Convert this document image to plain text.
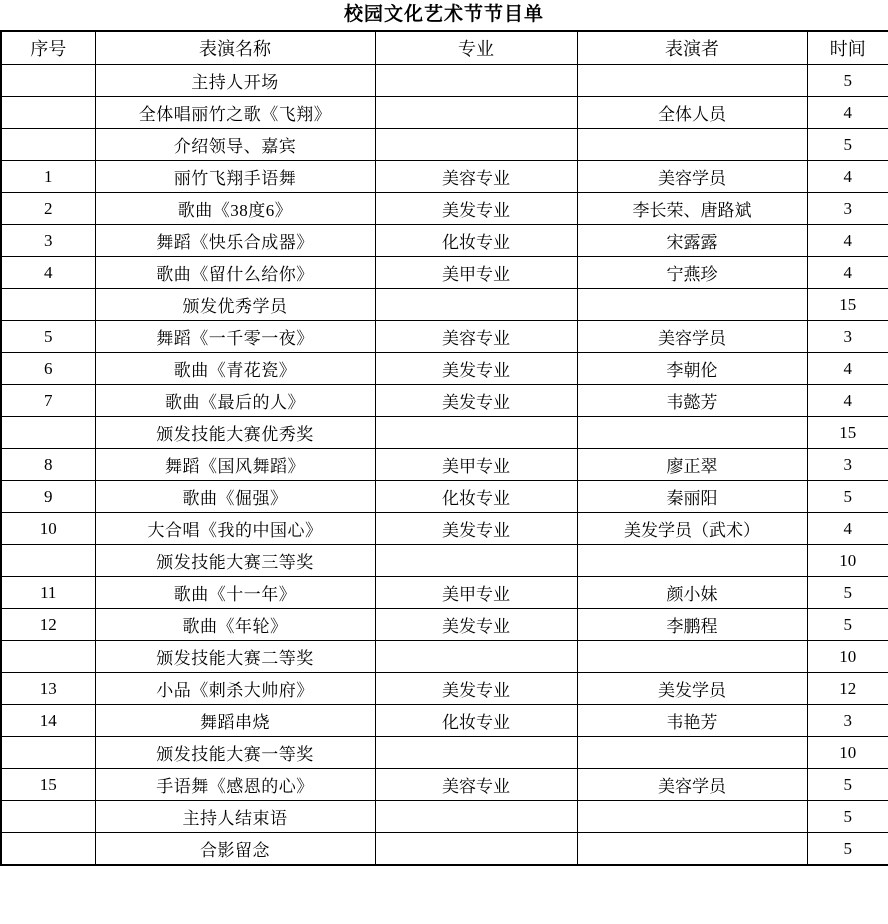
校园文化艺术节节目单
序号	表演名称	专业	表演者	时间
	主持人开场			5
	全体唱丽竹之歌《飞翔》		全体人员	4
	介绍领导、嘉宾			5
1	丽竹飞翔手语舞	美容专业	美容学员	4
2	歌曲《38度6》	美发专业	李长荣、唐路斌	3
3	舞蹈《快乐合成器》	化妆专业	宋露露	4
4	歌曲《留什么给你》	美甲专业	宁燕珍	4
	颁发优秀学员			15
5	舞蹈《一千零一夜》	美容专业	美容学员	3
6	歌曲《青花瓷》	美发专业	李朝伦	4
7	歌曲《最后的人》	美发专业	韦懿芳	4
	颁发技能大赛优秀奖			15
8	舞蹈《国风舞蹈》	美甲专业	廖正翠	3
9	歌曲《倔强》	化妆专业	秦丽阳	5
10	大合唱《我的中国心》	美发专业	美发学员（武术）	4
	颁发技能大赛三等奖			10
11	歌曲《十一年》	美甲专业	颜小妹	5
12	歌曲《年轮》	美发专业	李鹏程	5
	颁发技能大赛二等奖			10
13	小品《刺杀大帅府》	美发专业	美发学员	12
14	舞蹈串烧	化妆专业	韦艳芳	3
	颁发技能大赛一等奖			10
15	手语舞《感恩的心》	美容专业	美容学员	5
	主持人结束语			5
	合影留念			5
